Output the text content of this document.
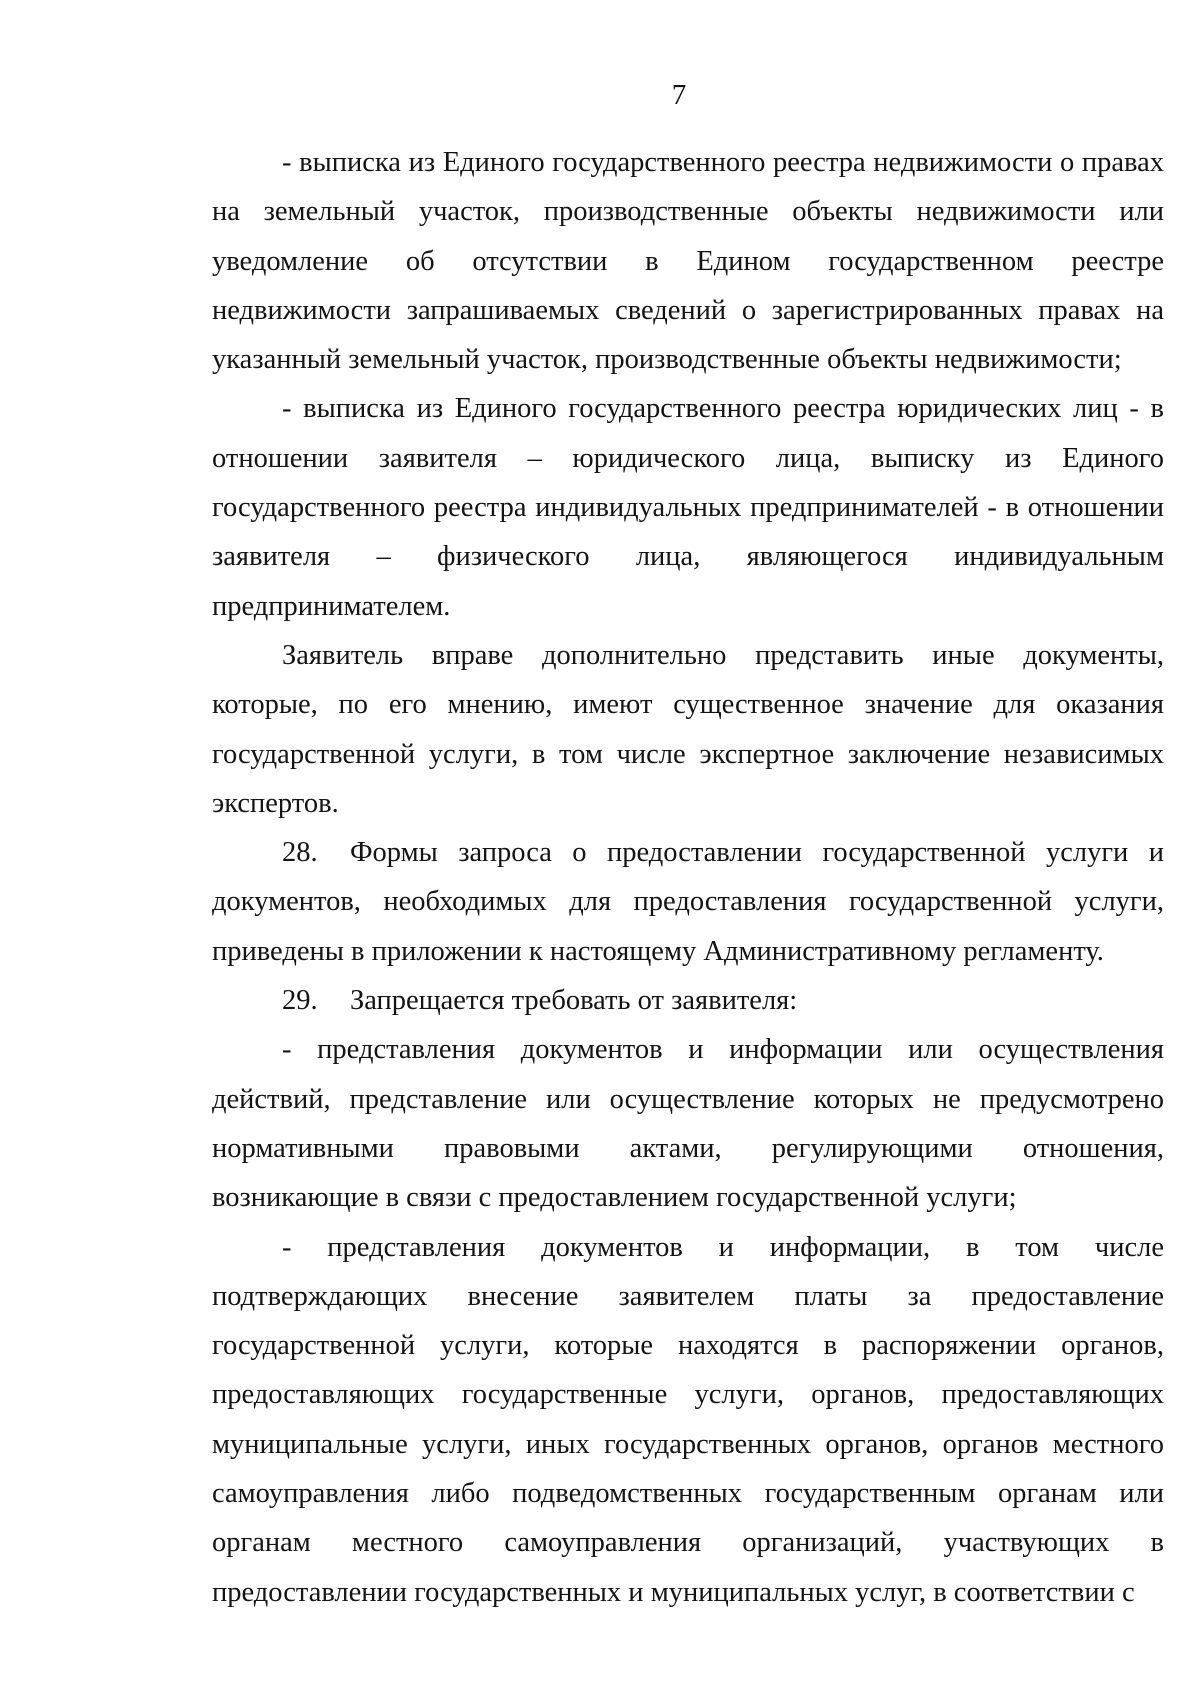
7

- выписка из Единого государственного реестра недвижимости о правах на земельный участок, производственные объекты недвижимости или уведомление об отсутствии в Едином государственном реестре недвижимости запрашиваемых сведений о зарегистрированных правах на указанный земельный участок, производственные объекты недвижимости;

- выписка из Единого государственного реестра юридических лиц - в отношении заявителя – юридического лица, выписку из Единого государственного реестра индивидуальных предпринимателей - в отношении заявителя – физического лица, являющегося индивидуальным предпринимателем.

Заявитель вправе дополнительно представить иные документы, которые, по его мнению, имеют существенное значение для оказания государственной услуги, в том числе экспертное заключение независимых экспертов.

28. Формы запроса о предоставлении государственной услуги и документов, необходимых для предоставления государственной услуги, приведены в приложении к настоящему Административному регламенту.

29. Запрещается требовать от заявителя:

- представления документов и информации или осуществления действий, представление или осуществление которых не предусмотрено нормативными правовыми актами, регулирующими отношения, возникающие в связи с предоставлением государственной услуги;

- представления документов и информации, в том числе подтверждающих внесение заявителем платы за предоставление государственной услуги, которые находятся в распоряжении органов, предоставляющих государственные услуги, органов, предоставляющих муниципальные услуги, иных государственных органов, органов местного самоуправления либо подведомственных государственным органам или органам местного самоуправления организаций, участвующих в предоставлении государственных и муниципальных услуг, в соответствии с
